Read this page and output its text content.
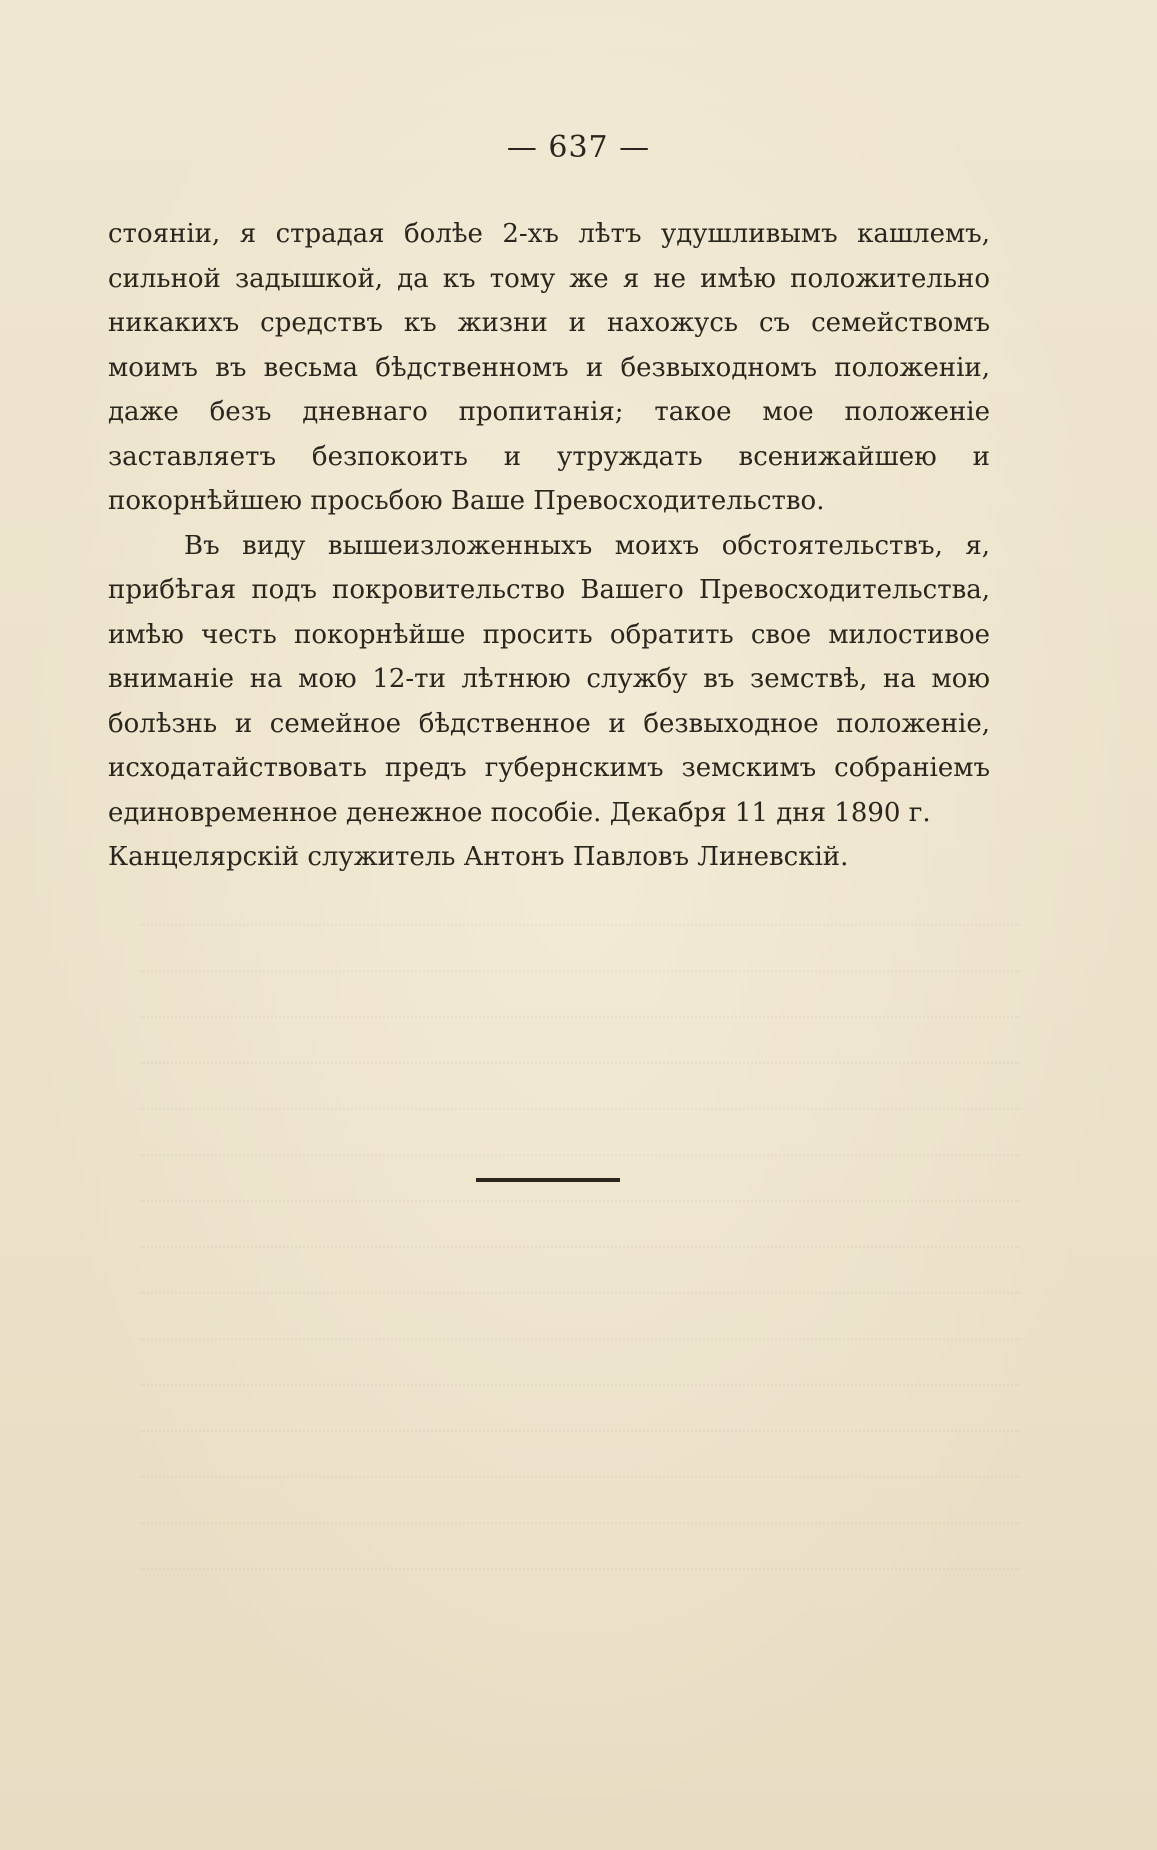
— 637 —

стояніи, я страдая болѣе 2-хъ лѣтъ удушливымъ кашлемъ, сильной задышкой, да къ тому же я не имѣю положительно никакихъ средствъ къ жизни и нахожусь съ семействомъ моимъ въ весьма бѣдственномъ и безвыходномъ положеніи, даже безъ дневнаго пропитанія; такое мое положеніе заставляетъ безпокоить и утруждать всенижайшею и покорнѣйшею просьбою Ваше Превосходительство.

Въ виду вышеизложенныхъ моихъ обстоятельствъ, я, прибѣгая подъ покровительство Вашего Превосходительства, имѣю честь покорнѣйше просить обратить свое милостивое вниманіе на мою 12-ти лѣтнюю службу въ земствѣ, на мою болѣзнь и семейное бѣдственное и безвыходное положеніе, исходатайствовать предъ губернскимъ земскимъ собраніемъ единовременное денежное пособіе. Декабря 11 дня 1890 г.

Канцелярскій служитель Антонъ Павловъ Линевскій.
